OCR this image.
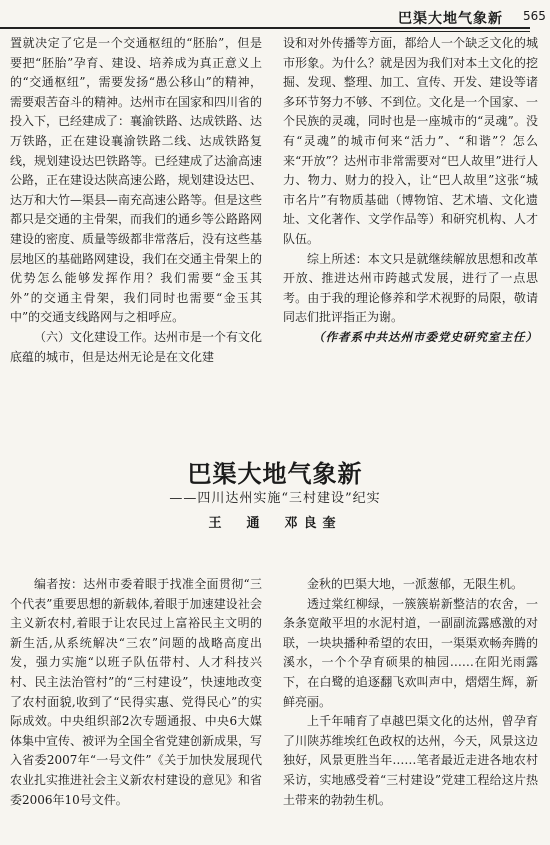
巴渠大地气象新 565

置就决定了它是一个交通枢纽的“胚胎”，但是要把“胚胎”孕育、建设、培养成为真正意义上的“交通枢纽”，需要发扬“愚公移山”的精神，需要艰苦奋斗的精神。达州市在国家和四川省的投入下，已经建成了：襄渝铁路、达成铁路、达万铁路，正在建设襄渝铁路二线、达成铁路复线，规划建设达巴铁路等。已经建成了达渝高速公路，正在建设达陕高速公路，规划建设达巴、达万和大竹—渠县—南充高速公路等。但是这些都只是交通的主骨架，而我们的通乡等公路路网建设的密度、质量等级都非常落后，没有这些基层地区的基础路网建设，我们在交通主骨架上的优势怎么能够发挥作用？我们需要“金玉其外”的交通主骨架，我们同时也需要“金玉其中”的交通支线路网与之相呼应。

（六）文化建设工作。达州市是一个有文化底蕴的城市，但是达州无论是在文化建

设和对外传播等方面，都给人一个缺乏文化的城市形象。为什么？就是因为我们对本土文化的挖掘、发现、整理、加工、宣传、开发、建设等诸多环节努力不够、不到位。文化是一个国家、一个民族的灵魂，同时也是一座城市的“灵魂”。没有“灵魂”的城市何来“活力”、“和谐”？怎么来“开放”？达州市非常需要对“巴人故里”进行人力、物力、财力的投入，让“巴人故里”这张“城市名片”有物质基础（博物馆、艺术墙、文化遗址、文化著作、文学作品等）和研究机构、人才队伍。

综上所述：本文只是就继续解放思想和改革开放、推进达州市跨越式发展，进行了一点思考。由于我的理论修养和学术视野的局限，敬请同志们批评指正为谢。

（作者系中共达州市委党史研究室主任）

巴渠大地气象新
——四川达州实施“三村建设”纪实
王　通　邓良奎

编者按：达州市委着眼于找准全面贯彻“三个代表”重要思想的新载体,着眼于加速建设社会主义新农村,着眼于让农民过上富裕民主文明的新生活,从系统解决“三农”问题的战略高度出发，强力实施“以班子队伍带村、人才科技兴村、民主法治管村”的“三村建设”，快速地改变了农村面貌,收到了“民得实惠、党得民心”的实际成效。中央组织部2次专题通报、中央6大媒体集中宣传、被评为全国全省党建创新成果，写入省委2007年“一号文件”《关于加快发展现代农业扎实推进社会主义新农村建设的意见》和省委2006年10号文件。

金秋的巴渠大地，一派葱郁，无限生机。

透过棠红柳绿，一簇簇崭新整洁的农舍，一条条宽敞平坦的水泥村道，一副副流露感激的对联，一块块播种希望的农田，一渠渠欢畅奔腾的溪水，一个个孕育硕果的柚园……在阳光雨露下，在白鹭的追逐翻飞欢叫声中，熠熠生辉，新鲜亮丽。

上千年哺育了卓越巴渠文化的达州，曾孕育了川陕苏维埃红色政权的达州，今天，风景这边独好，风景更胜当年……笔者最近走进各地农村采访，实地感受着“三村建设”党建工程给这片热土带来的勃勃生机。
